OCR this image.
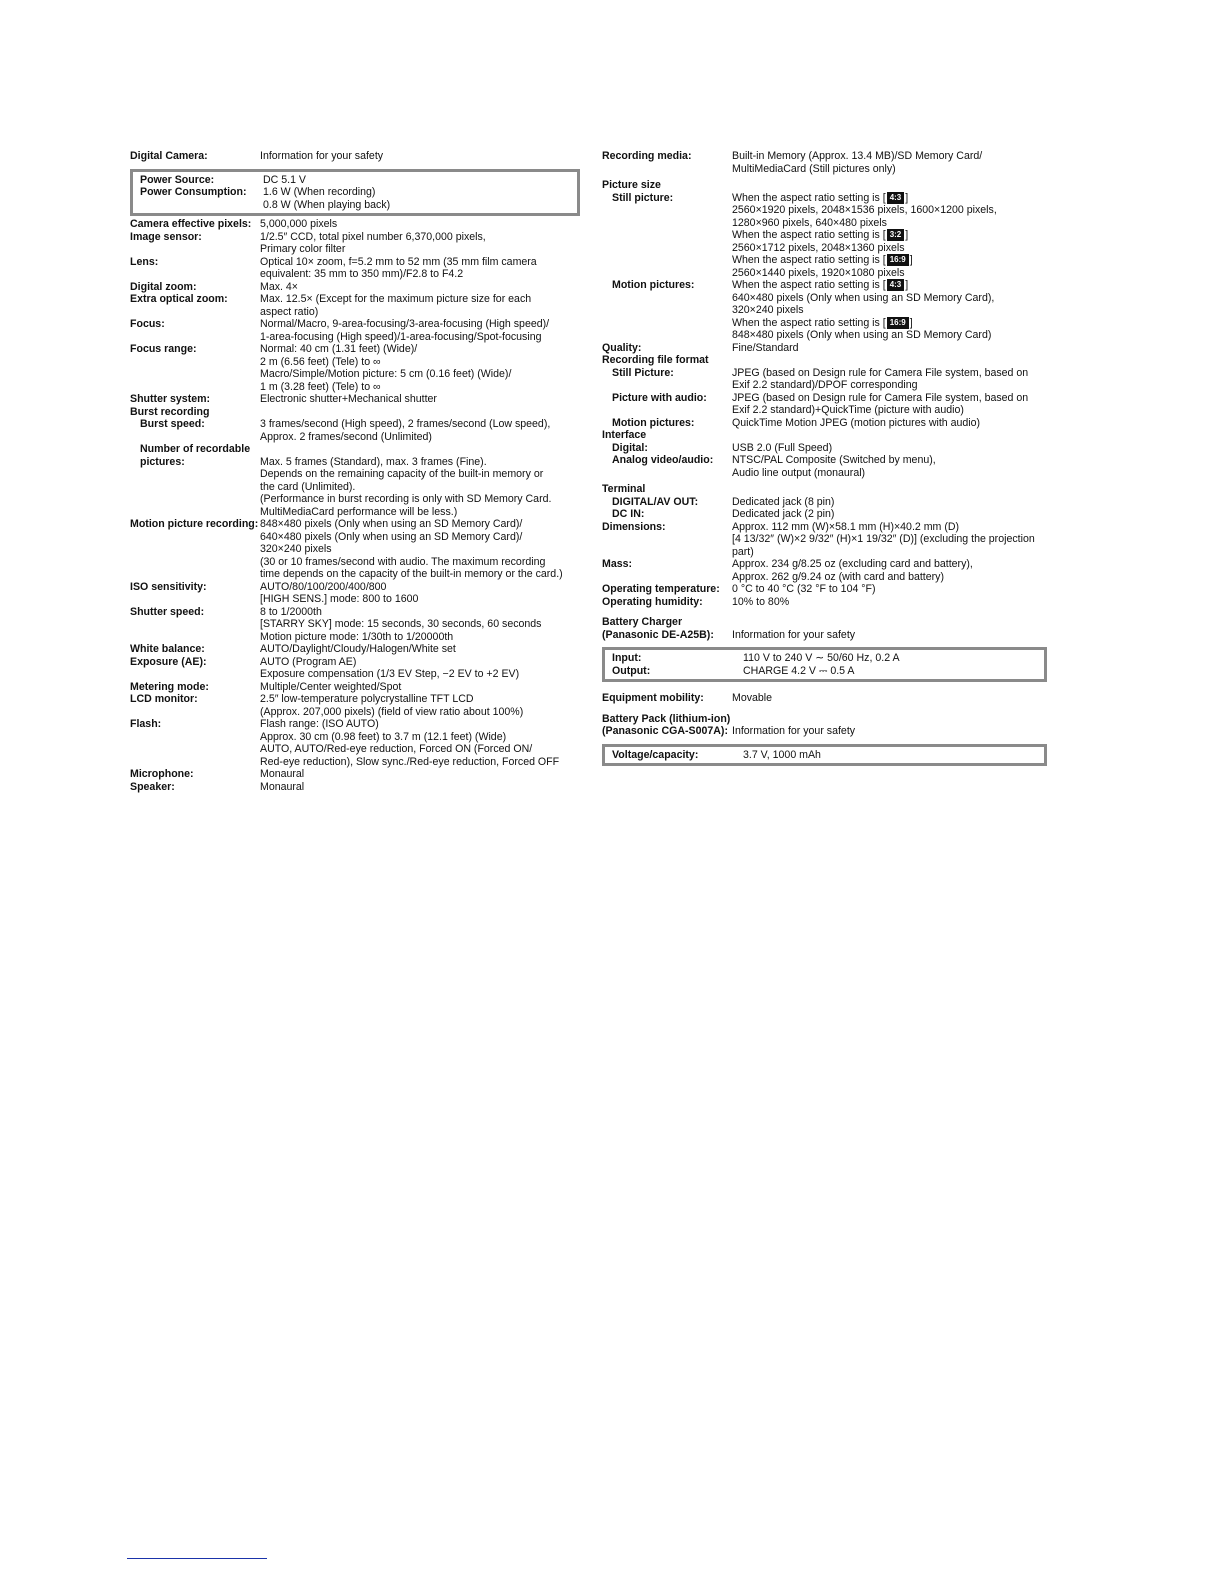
Digital Camera:	Information for your safety
Power Source:	DC 5.1 V
Power Consumption:	1.6 W (When recording)
0.8 W (When playing back)
Camera effective pixels: 5,000,000 pixels
Image sensor:	1/2.5″ CCD, total pixel number 6,370,000 pixels,
Primary color filter
Lens:	Optical 10× zoom, f=5.2 mm to 52 mm (35 mm film camera
equivalent: 35 mm to 350 mm)/F2.8 to F4.2
Digital zoom:	Max. 4×
Extra optical zoom:	Max. 12.5× (Except for the maximum picture size for each
aspect ratio)
Focus:	Normal/Macro, 9-area-focusing/3-area-focusing (High speed)/
1-area-focusing (High speed)/1-area-focusing/Spot-focusing
Focus range:	Normal: 40 cm (1.31 feet) (Wide)/
2 m (6.56 feet) (Tele) to ∞
Macro/Simple/Motion picture: 5 cm (0.16 feet) (Wide)/
1 m (3.28 feet) (Tele) to ∞
Shutter system:	Electronic shutter+Mechanical shutter
Burst recording
Burst speed:	3 frames/second (High speed), 2 frames/second (Low speed),
Approx. 2 frames/second (Unlimited)
Number of recordable
pictures:	Max. 5 frames (Standard), max. 3 frames (Fine).
Depends on the remaining capacity of the built-in memory or
the card (Unlimited).
(Performance in burst recording is only with SD Memory Card.
MultiMediaCard performance will be less.)
Motion picture recording: 848×480 pixels (Only when using an SD Memory Card)/
640×480 pixels (Only when using an SD Memory Card)/
320×240 pixels
(30 or 10 frames/second with audio. The maximum recording
time depends on the capacity of the built-in memory or the card.)
ISO sensitivity:	AUTO/80/100/200/400/800
[HIGH SENS.] mode: 800 to 1600
Shutter speed:	8 to 1/2000th
[STARRY SKY] mode: 15 seconds, 30 seconds, 60 seconds
Motion picture mode: 1/30th to 1/20000th
White balance:	AUTO/Daylight/Cloudy/Halogen/White set
Exposure (AE):	AUTO (Program AE)
Exposure compensation (1/3 EV Step, −2 EV to +2 EV)
Metering mode:	Multiple/Center weighted/Spot
LCD monitor:	2.5″ low-temperature polycrystalline TFT LCD
(Approx. 207,000 pixels) (field of view ratio about 100%)
Flash:	Flash range: (ISO AUTO)
Approx. 30 cm (0.98 feet) to 3.7 m (12.1 feet) (Wide)
AUTO, AUTO/Red-eye reduction, Forced ON (Forced ON/
Red-eye reduction), Slow sync./Red-eye reduction, Forced OFF
Microphone:	Monaural
Speaker:	Monaural
Recording media:	Built-in Memory (Approx. 13.4 MB)/SD Memory Card/
MultiMediaCard (Still pictures only)
Picture size
Still picture:	When the aspect ratio setting is [ 4:3 ]
2560×1920 pixels, 2048×1536 pixels, 1600×1200 pixels,
1280×960 pixels, 640×480 pixels
When the aspect ratio setting is [ 3:2 ]
2560×1712 pixels, 2048×1360 pixels
When the aspect ratio setting is [ 16:9 ]
2560×1440 pixels, 1920×1080 pixels
Motion pictures:	When the aspect ratio setting is [ 4:3 ]
640×480 pixels (Only when using an SD Memory Card),
320×240 pixels
When the aspect ratio setting is [ 16:9 ]
848×480 pixels (Only when using an SD Memory Card)
Quality:	Fine/Standard
Recording file format
Still Picture:	JPEG (based on Design rule for Camera File system, based on
Exif 2.2 standard)/DPOF corresponding
Picture with audio:	JPEG (based on Design rule for Camera File system, based on
Exif 2.2 standard)+QuickTime (picture with audio)
Motion pictures:	QuickTime Motion JPEG (motion pictures with audio)
Interface
Digital:	USB 2.0 (Full Speed)
Analog video/audio:	NTSC/PAL Composite (Switched by menu),
Audio line output (monaural)
Terminal
DIGITAL/AV OUT:	Dedicated jack (8 pin)
DC IN:	Dedicated jack (2 pin)
Dimensions:	Approx. 112 mm (W)×58.1 mm (H)×40.2 mm (D)
[4 13/32″ (W)×2 9/32″ (H)×1 19/32″ (D)] (excluding the projection
part)
Mass:	Approx. 234 g/8.25 oz (excluding card and battery),
Approx. 262 g/9.24 oz (with card and battery)
Operating temperature:	0 °C to 40 °C (32 °F to 104 °F)
Operating humidity:	10% to 80%
Battery Charger
(Panasonic DE-A25B):	Information for your safety
Input:	110 V to 240 V ∼ 50/60 Hz, 0.2 A
Output:	CHARGE 4.2 V ⎓ 0.5 A
Equipment mobility:	Movable
Battery Pack (lithium-ion)
(Panasonic CGA-S007A): Information for your safety
Voltage/capacity:	3.7 V, 1000 mAh
